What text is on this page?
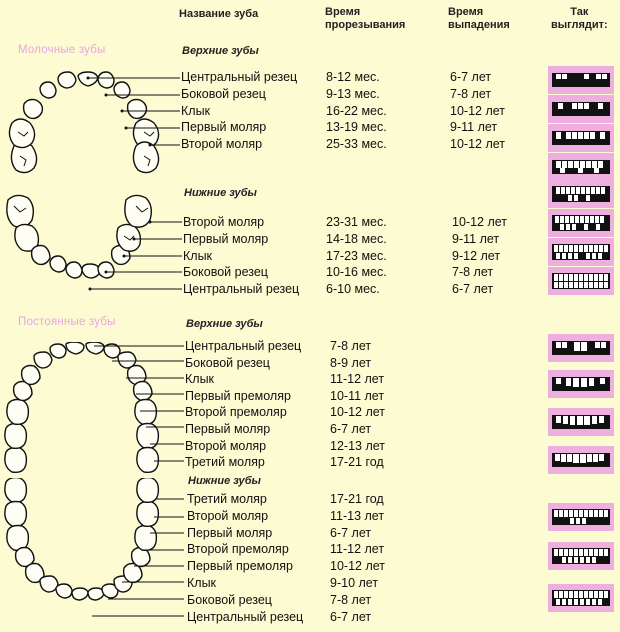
Название зуба	Время
прорезывания
Время
выпадения
Так
выглядит:
Молочные зубы
Постоянные зубы
Верхние зубы
Нижние зубы
Верхние зубы
Нижние зубы
Центральный резец 8-12 мес.	6-7 лет
Боковой резец	9-13 мес.	7-8 лет
Клык	16-22 мес.	10-12 лет
Первый моляр	13-19 мес.	9-11 лет
Второй моляр	25-33 мес.	10-12 лет
Второй моляр	23-31 мес.	10-12 лет
Первый моляр	14-18 мес.	9-11 лет
Клык	17-23 мес.	9-12 лет
Боковой резец	10-16 мес.	7-8 лет
Центральный резец 6-10 мес.	6-7 лет
Центральный резец 7-8 лет
Боковой резец	8-9 лет
Клык	11-12 лет
Первый премоляр	10-11 лет
Второй премоляр	10-12 лет
Первый моляр	6-7 лет
Второй моляр	12-13 лет
Третий моляр	17-21 год
Третий моляр	17-21 год
Второй моляр	11-13 лет
Первый моляр	6-7 лет
Второй премоляр	11-12 лет
Первый премоляр	10-12 лет
Клык	9-10 лет
Боковой резец	7-8 лет
Центральный резец 6-7 лет
